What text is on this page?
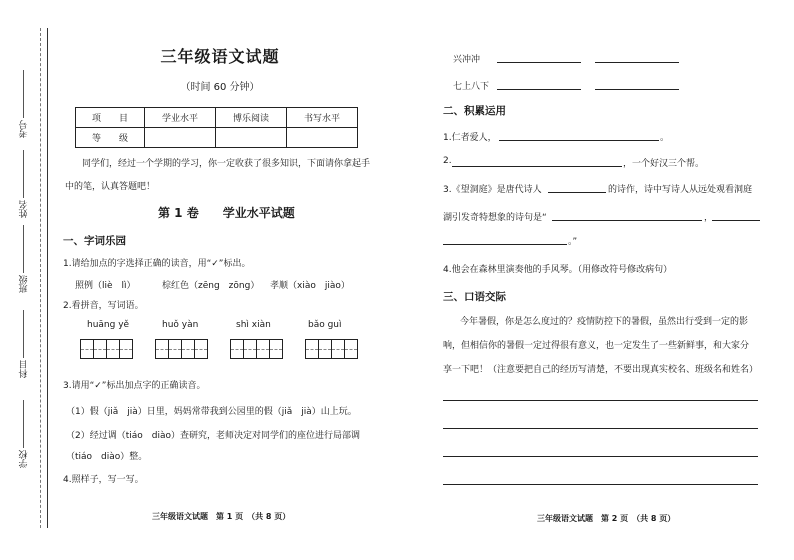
考号
姓名
班级
科目
学校
三年级语文试题
（时间 60 分钟）
项　　目	学业水平	博乐阅读	书写水平
等　　级			
同学们，经过一个学期的学习，你一定收获了很多知识，下面请你拿起手
中的笔，认真答题吧！
第 1 卷　　学业水平试题
一、字词乐园
1.请给加点的字选择正确的读音，用“✓”标出。
照例（liè　lì）	棕红色（zēng　zōng） 孝顺（xiào　jiào）
2.看拼音，写词语。
huāng yě	huǒ yàn	shì xiàn	bǎo guì
3.请用“✓”标出加点字的正确读音。
（1）假（jiǎ　jià）日里，妈妈常带我到公园里的假（jiǎ　jià）山上玩。
（2）经过调（tiáo　diào）查研究，老师决定对同学们的座位进行局部调
（tiáo　diào）整。
4.照样子，写一写。
三年级语文试题　第 1 页　（共 8 页）
兴冲冲
七上八下
二、积累运用
1.仁者爱人，	。
2.	，一个好汉三个帮。
3.《望洞庭》是唐代诗人	的诗作，诗中写诗人从远处观看洞庭
湖引发奇特想象的诗句是“	，
。”
4.他会在森林里演奏他的手风琴。（用修改符号修改病句）
三、口语交际
今年暑假，你是怎么度过的？疫情防控下的暑假，虽然出行受到一定的影
响，但相信你的暑假一定过得很有意义，也一定发生了一些新鲜事，和大家分
享一下吧！（注意要把自己的经历写清楚，不要出现真实校名、班级名和姓名）
三年级语文试题　第 2 页　（共 8 页）
